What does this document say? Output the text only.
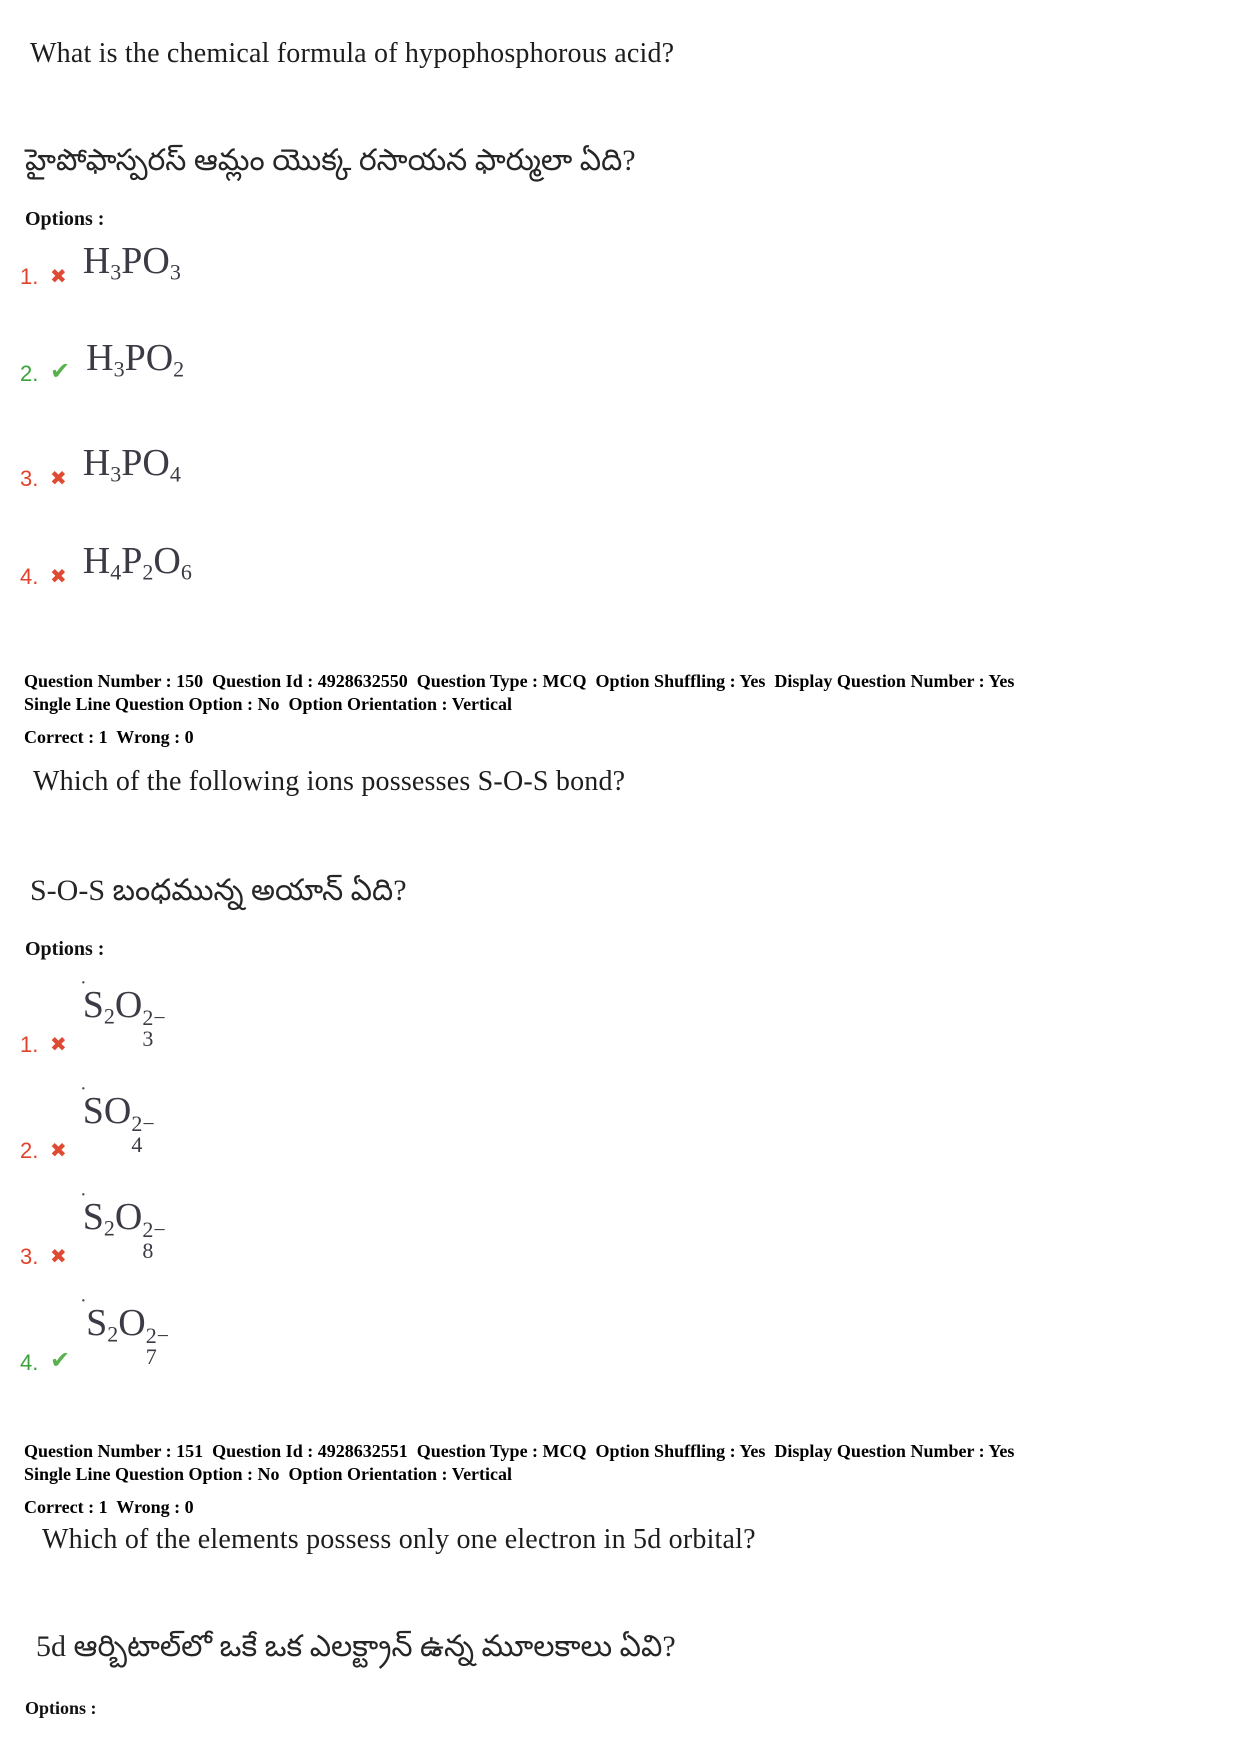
What is the chemical formula of hypophosphorous acid?
హైపోఫాస్పరస్ ఆమ్లం యొక్క రసాయన ఫార్ములా ఏది?
Options :
1. ✖ $H_3PO_3$
2. ✔ $H_3PO_2$
3. ✖ $H_3PO_4$
4. ✖ $H_4P_2O_6$
Question Number : 150  Question Id : 4928632550  Question Type : MCQ  Option Shuffling : Yes  Display Question Number : Yes
Single Line Question Option : No  Option Orientation : Vertical
Correct : 1  Wrong : 0
Which of the following ions possesses S-O-S bond?
S-O-S బంధమున్న అయాన్ ఏది?
Options :
·
1. ✖
$S_2O$ 2−
3
·
2. ✖
SO 2−
4
·
3. ✖
$S_2O$ 2−
8
·
4. ✔
$S_2O$ 2−
7
Question Number : 151  Question Id : 4928632551  Question Type : MCQ  Option Shuffling : Yes  Display Question Number : Yes
Single Line Question Option : No  Option Orientation : Vertical
Correct : 1  Wrong : 0
Which of the elements possess only one electron in 5d orbital?
5d ఆర్బిటాల్‌లో ఒకే ఒక ఎలక్ట్రాన్ ఉన్న మూలకాలు ఏవి?
Options :
